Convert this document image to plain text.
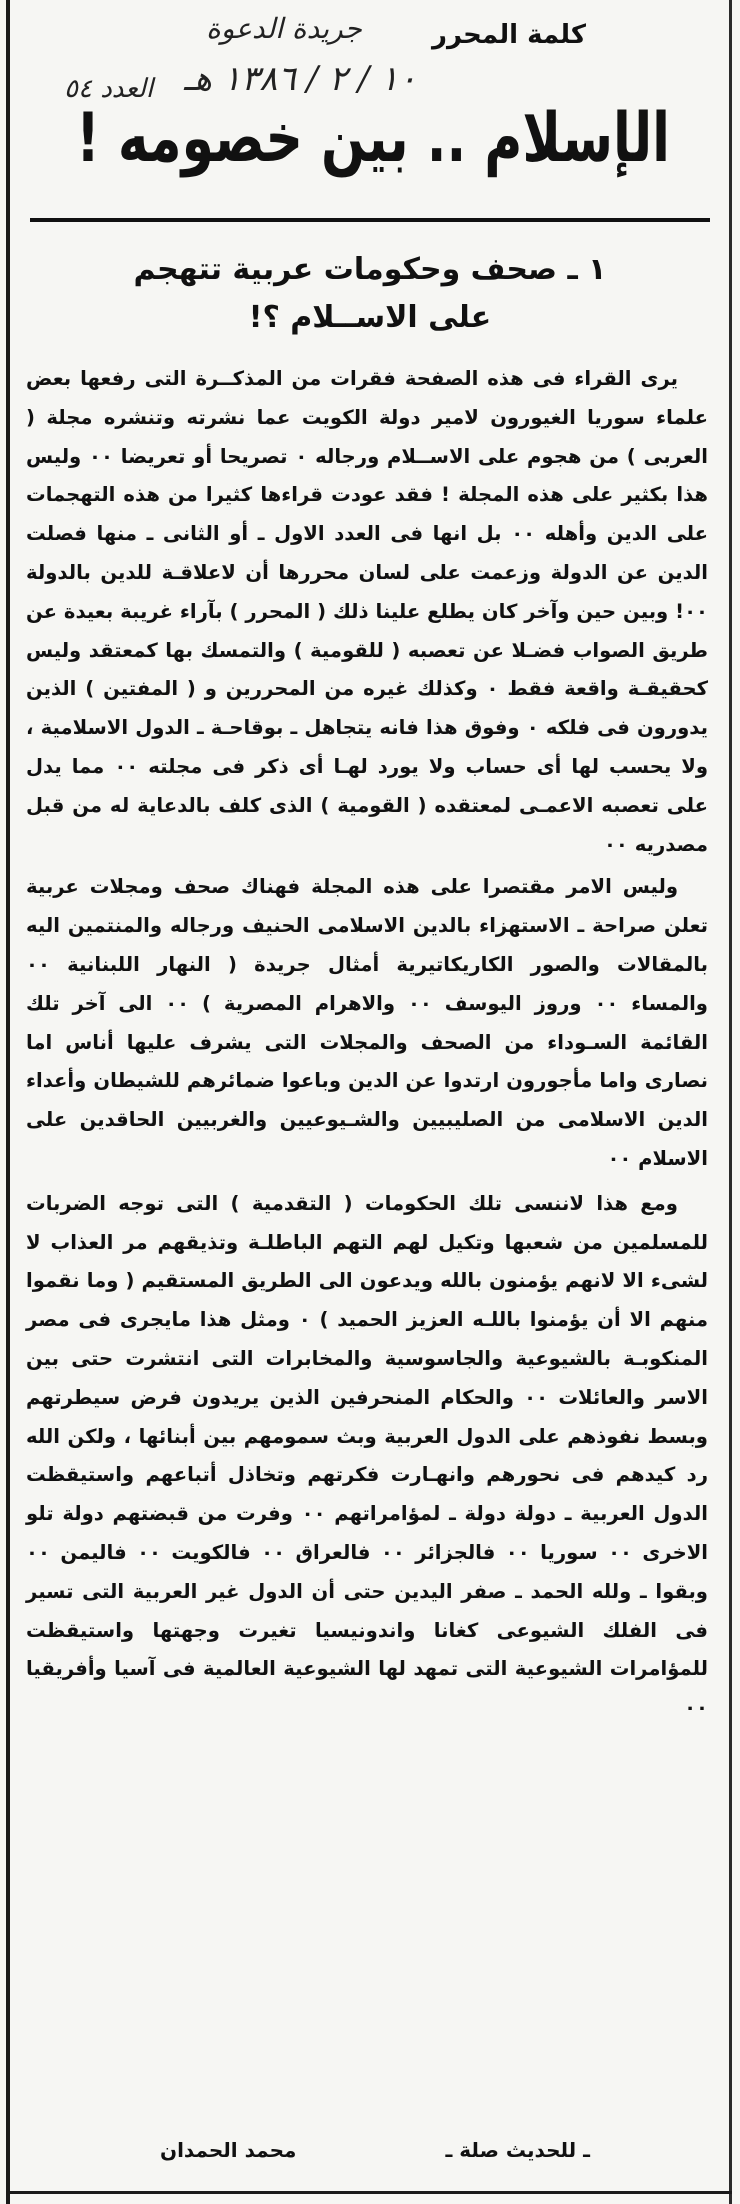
جريدة الدعوة
١٠ / ٢ / ١٣٨٦ هـ
العدد ٥٤
كلمة المحرر
الإسلام .. بين خصومه !
١ ـ صحف وحكومات عربية تتهجم
على الاســلام ؟!

يرى القراء فى هذه الصفحة فقرات من المذكــرة التى رفعها بعض علماء سوريا الغيورون لامير دولة الكويت عما نشرته وتنشره مجلة ( العربى ) من هجوم على الاســلام ورجاله ٠ تصريحا أو تعريضا ٠٠ وليس هذا بكثير على هذه المجلة ! فقد عودت قراءها كثيرا من هذه التهجمات على الدين وأهله ٠٠ بل انها فى العدد الاول ـ أو الثانى ـ منها فصلت الدين عن الدولة وزعمت على لسان محررها أن لاعلاقـة للدين بالدولة ٠٠! وبين حين وآخر كان يطلع علينا ذلك ( المحرر ) بآراء غريبة بعيدة عن طريق الصواب فضـلا عن تعصبه ( للقومية ) والتمسك بها كمعتقد وليس كحقيقـة واقعة فقط ٠ وكذلك غيره من المحررين و ( المفتين ) الذين يدورون فى فلكه ٠ وفوق هذا فانه يتجاهل ـ بوقاحـة ـ الدول الاسلامية ، ولا يحسب لها أى حساب ولا يورد لهـا أى ذكر فى مجلته ٠٠ مما يدل على تعصبه الاعمـى لمعتقده ( القومية ) الذى كلف بالدعاية له من قبل مصدريه ٠٠

وليس الامر مقتصرا على هذه المجلة فهناك صحف ومجلات عربية تعلن صراحة ـ الاستهزاء بالدين الاسلامى الحنيف ورجاله والمنتمين اليه بالمقالات والصور الكاريكاتيرية أمثال جريدة ( النهار اللبنانية ٠٠ والمساء ٠٠ وروز اليوسف ٠٠ والاهرام المصرية ) ٠٠ الى آخر تلك القائمة السـوداء من الصحف والمجلات التى يشرف عليها أناس اما نصارى واما مأجورون ارتدوا عن الدين وباعوا ضمائرهم للشيطان وأعداء الدين الاسلامى من الصليبيين والشـيوعيين والغربيين الحاقدين على الاسلام ٠٠

ومع هذا لاننسى تلك الحكومات ( التقدمية ) التى توجه الضربات للمسلمين من شعبها وتكيل لهم التهم الباطلـة وتذيقهم مر العذاب لا لشىء الا لانهم يؤمنون بالله ويدعون الى الطريق المستقيم ( وما نقموا منهم الا أن يؤمنوا باللـه العزيز الحميد ) ٠ ومثل هذا مايجرى فى مصر المنكوبـة بالشيوعية والجاسوسية والمخابرات التى انتشرت حتى بين الاسر والعائلات ٠٠ والحكام المنحرفين الذين يريدون فرض سيطرتهم وبسط نفوذهم على الدول العربية وبث سمومهم بين أبنائها ، ولكن الله رد كيدهم فى نحورهم وانهـارت فكرتهم وتخاذل أتباعهم واستيقظت الدول العربية ـ دولة دولة ـ لمؤامراتهم ٠٠ وفرت من قبضتهم دولة تلو الاخرى ٠٠ سوريا ٠٠ فالجزائر ٠٠ فالعراق ٠٠ فالكويت ٠٠ فاليمن ٠٠ وبقوا ـ ولله الحمد ـ صفر اليدين حتى أن الدول غير العربية التى تسير فى الفلك الشيوعى كغانا واندونيسيا تغيرت وجهتها واستيقظت للمؤامرات الشيوعية التى تمهد لها الشيوعية العالمية فى آسيا وأفريقيا ٠٠

ـ للحديث صلة ـ
محمد الحمدان
